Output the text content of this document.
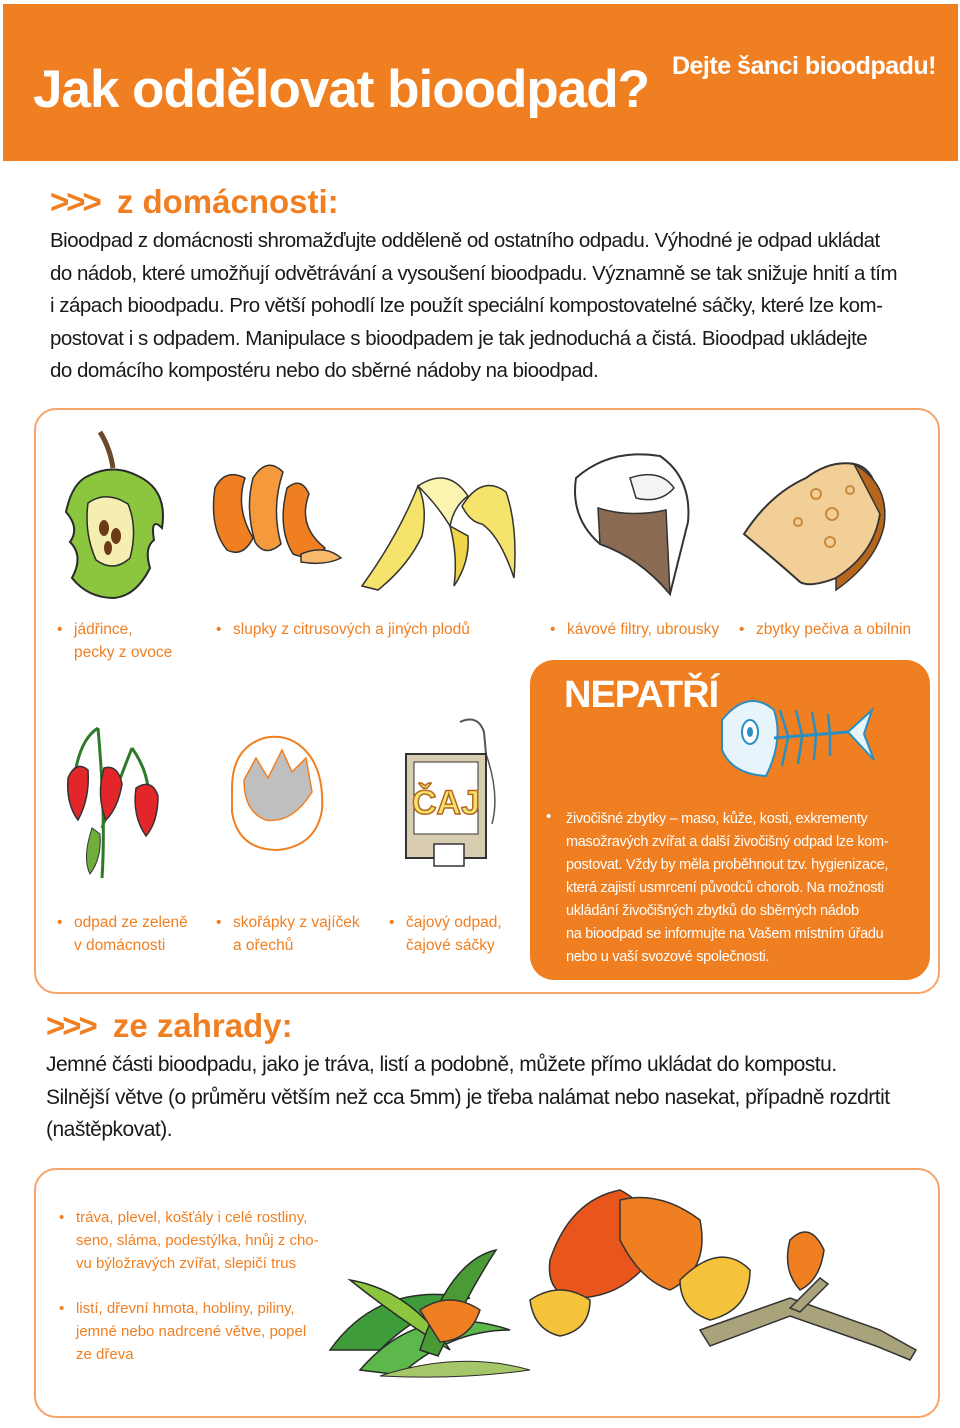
Jak oddělovat bioodpad? Dejte šanci bioodpadu!
>>> z domácnosti:
Bioodpad z domácnosti shromažďujte odděleně od ostatního odpadu. Výhodné je odpad ukládat
do nádob, které umožňují odvětrávání a vysoušení bioodpadu. Významně se tak snižuje hnití a tím
i zápach bioodpadu. Pro větší pohodlí lze použít speciální kompostovatelné sáčky, které lze kom-
postovat i s odpadem. Manipulace s bioodpadem je tak jednoduchá a čistá. Bioodpad ukládejte
do domácího kompostéru nebo do sběrné nádoby na bioodpad.
• jádřince,
pecky z ovoce
• slupky z citrusových a jiných plodů	• kávové filtry, ubrousky • zbytky pečiva a obilnin
ČAJ
• odpad ze zeleně
v domácnosti
• skořápky z vajíček
a ořechů
• čajový odpad,
čajové sáčky
NEPATŘÍ
• živočišné zbytky – maso, kůže, kosti, exkrementy
masožravých zvířat a další živočišný odpad lze kom-
postovat. Vždy by měla proběhnout tzv. hygienizace,
která zajistí usmrcení původců chorob. Na možnosti
ukládání živočišných zbytků do sběrných nádob
na bioodpad se informujte na Vašem místním úřadu
nebo u vaší svozové společnosti.
>>> ze zahrady:
Jemné části bioodpadu, jako je tráva, listí a podobně, můžete přímo ukládat do kompostu.
Silnější větve (o průměru větším než cca 5mm) je třeba nalámat nebo nasekat, případně rozdrtit
(naštěpkovat).
• tráva, plevel, košťály i celé rostliny,
seno, sláma, podestýlka, hnůj z cho-
vu býložravých zvířat, slepičí trus
• listí, dřevní hmota, hobliny, piliny,
jemné nebo nadrcené větve, popel
ze dřeva
